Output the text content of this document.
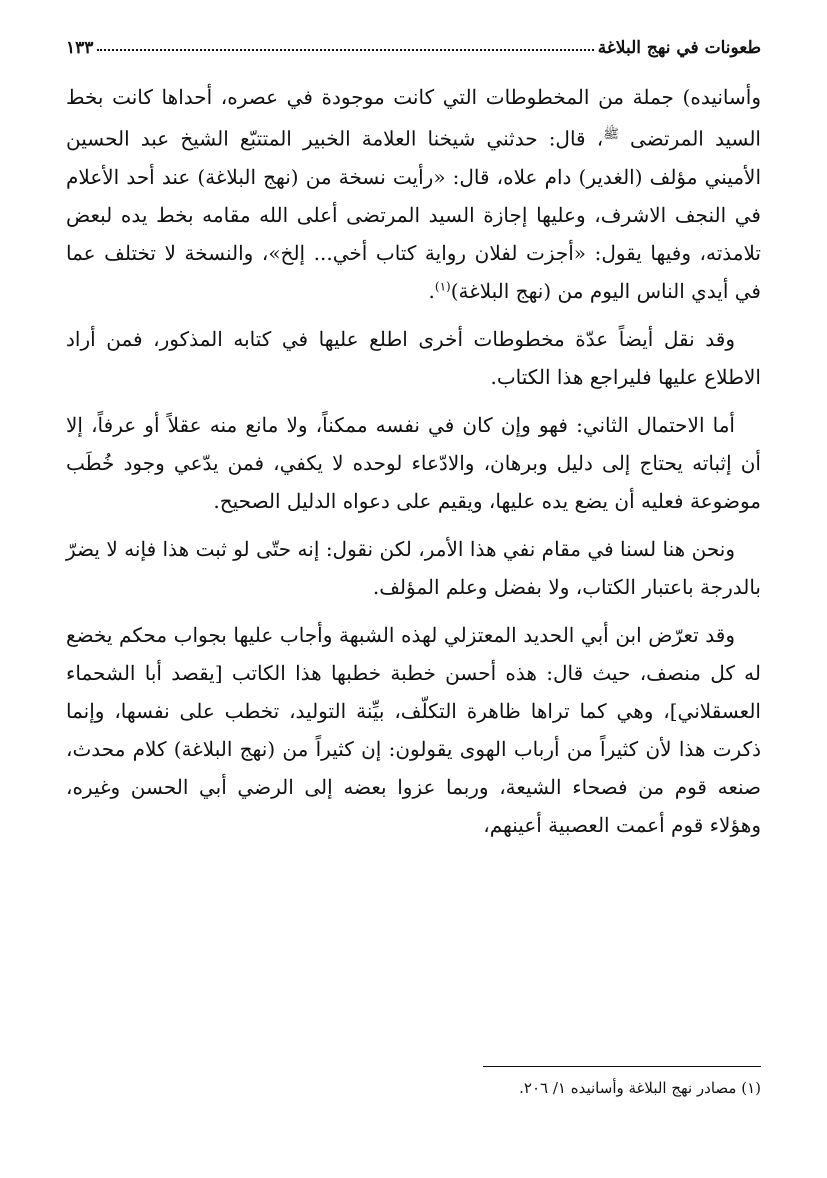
طعونات في نهج البلاغة
١٣٣

وأسانيده) جملة من المخطوطات التي كانت موجودة في عصره، أحداها كانت بخط السيد المرتضى $^ﷺ$، قال: حدثني شيخنا العلامة الخبير المتتبّع الشيخ عبد الحسين الأميني مؤلف (الغدير) دام علاه، قال: «رأيت نسخة من (نهج البلاغة) عند أحد الأعلام في النجف الاشرف، وعليها إجازة السيد المرتضى أعلى الله مقامه بخط يده لبعض تلامذته، وفيها يقول: «أجزت لفلان رواية كتاب أخي... إلخ»، والنسخة لا تختلف عما في أيدي الناس اليوم من (نهج البلاغة)$^{(١)}$.

وقد نقل أيضاً عدّة مخطوطات أخرى اطلع عليها في كتابه المذكور، فمن أراد الاطلاع عليها فليراجع هذا الكتاب.

أما الاحتمال الثاني: فهو وإن كان في نفسه ممكناً، ولا مانع منه عقلاً أو عرفاً، إلا أن إثباته يحتاج إلى دليل وبرهان، والادّعاء لوحده لا يكفي، فمن يدّعي وجود خُطَب موضوعة فعليه أن يضع يده عليها، ويقيم على دعواه الدليل الصحيح.

ونحن هنا لسنا في مقام نفي هذا الأمر، لكن نقول: إنه حتّى لو ثبت هذا فإنه لا يضرّ بالدرجة باعتبار الكتاب، ولا بفضل وعلم المؤلف.

وقد تعرّض ابن أبي الحديد المعتزلي لهذه الشبهة وأجاب عليها بجواب محكم يخضع له كل منصف، حيث قال: هذه أحسن خطبة خطبها هذا الكاتب [يقصد أبا الشحماء العسقلاني]، وهي كما تراها ظاهرة التكلّف، بيِّنة التوليد، تخطب على نفسها، وإنما ذكرت هذا لأن كثيراً من أرباب الهوى يقولون: إن كثيراً من (نهج البلاغة) كلام محدث، صنعه قوم من فصحاء الشيعة، وربما عزوا بعضه إلى الرضي أبي الحسن وغيره، وهؤلاء قوم أعمت العصبية أعينهم،

(١) مصادر نهج البلاغة وأسانيده ١/ ٢٠٦.
